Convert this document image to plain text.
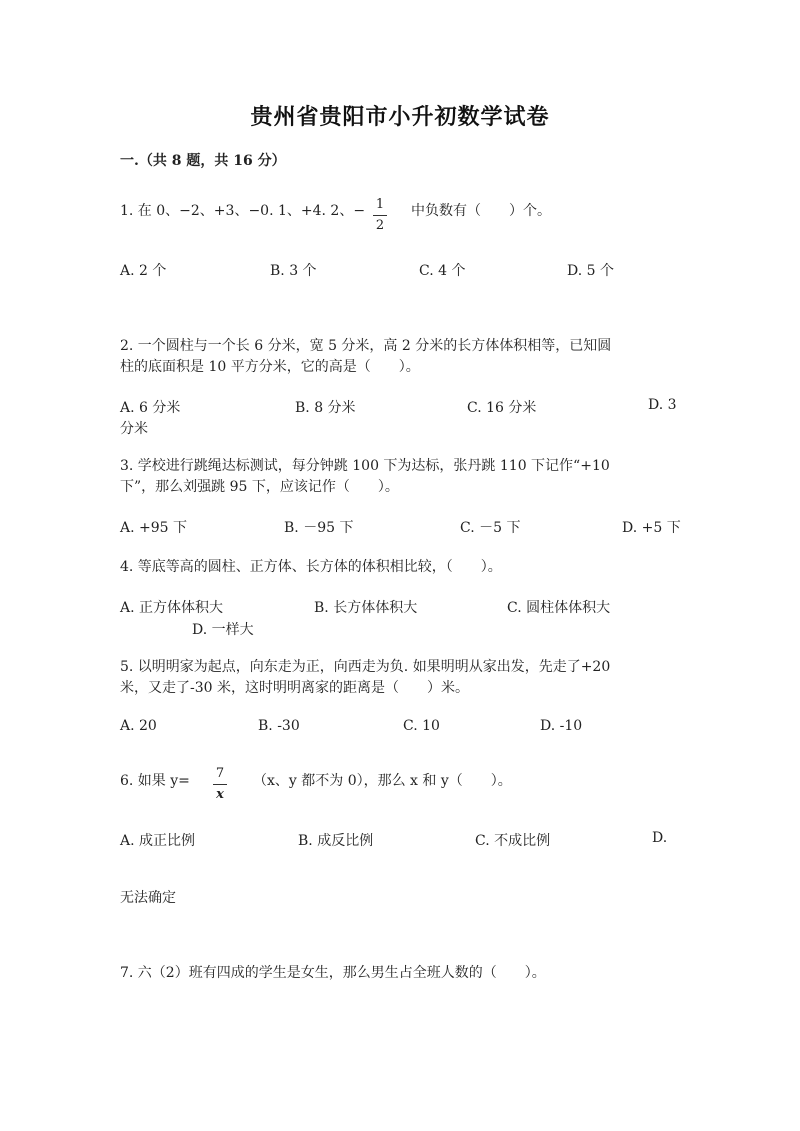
贵州省贵阳市小升初数学试卷
一.（共 8 题，共 16 分）
1. 在 0、−2、+3、−0. 1、+4. 2、− 1
2
中负数有（　　）个。
A. 2 个	B. 3 个	C. 4 个	D. 5 个
2. 一个圆柱与一个长 6 分米，宽 5 分米，高 2 分米的长方体体积相等，已知圆
柱的底面积是 10 平方分米，它的高是（　　）。
A. 6 分米	B. 8 分米	C. 16 分米	D. 3
分米
3. 学校进行跳绳达标测试，每分钟跳 100 下为达标，张丹跳 110 下记作“+10
下”，那么刘强跳 95 下，应该记作（　　）。
A. +95 下	B. －95 下	C. －5 下	D. +5 下
4. 等底等高的圆柱、正方体、长方体的体积相比较，（　　）。
A. 正方体体积大	B. 长方体体积大	C. 圆柱体体积大
D. 一样大
5. 以明明家为起点，向东走为正，向西走为负. 如果明明从家出发，先走了+20
米，又走了-30 米，这时明明离家的距离是（　　）米。
A. 20	B. -30	C. 10	D. -10
6. 如果 y= 7
x
（x、y 都不为 0），那么 x 和 y（　　）。
A. 成正比例	B. 成反比例	C. 不成比例	D.
无法确定
7. 六（2）班有四成的学生是女生，那么男生占全班人数的（　　）。
